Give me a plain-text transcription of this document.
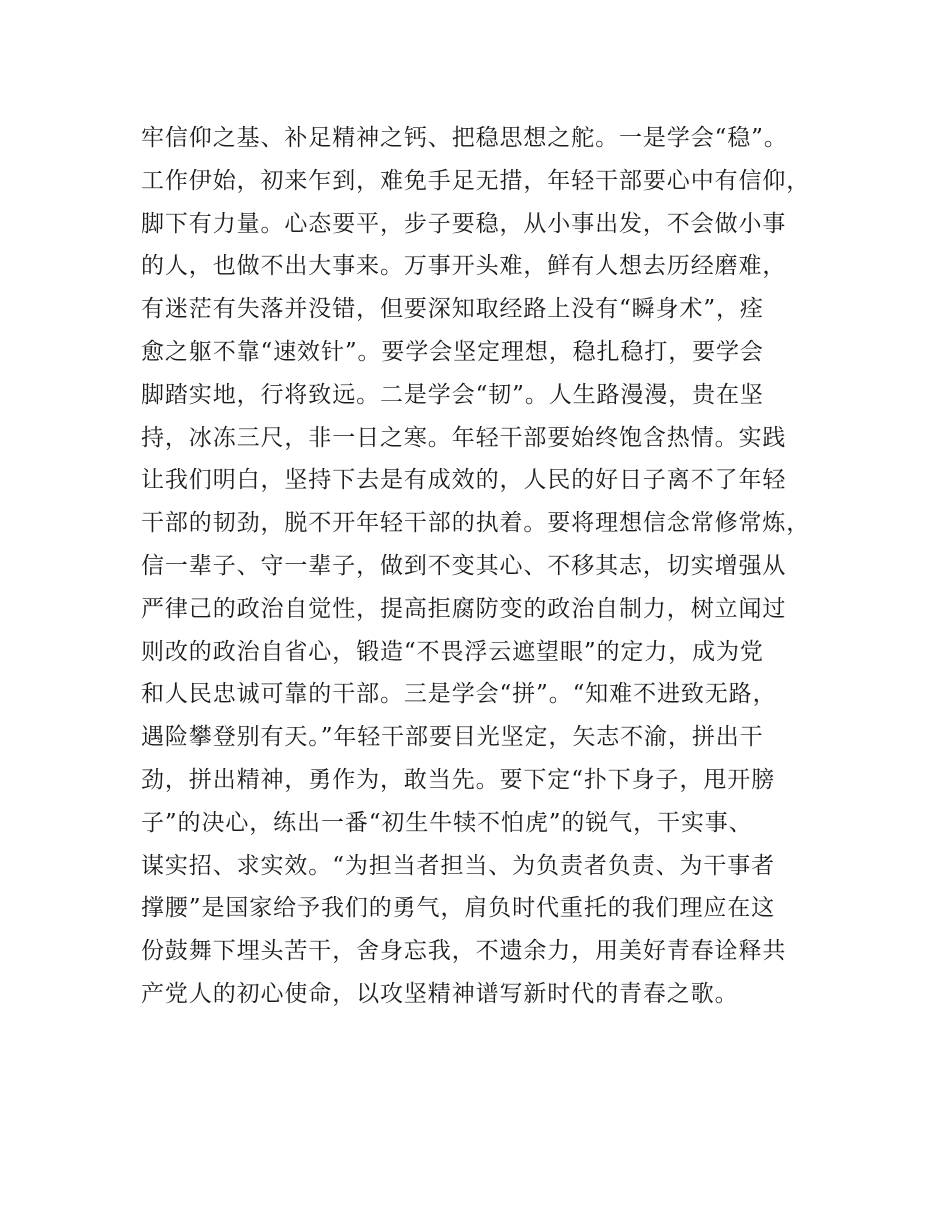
牢信仰之基、补足精神之钙、把稳思想之舵。一是学会“稳”。
工作伊始，初来乍到，难免手足无措，年轻干部要心中有信仰，
脚下有力量。心态要平，步子要稳，从小事出发，不会做小事
的人，也做不出大事来。万事开头难，鲜有人想去历经磨难，
有迷茫有失落并没错，但要深知取经路上没有“瞬身术”，痊
愈之躯不靠“速效针”。要学会坚定理想，稳扎稳打，要学会
脚踏实地，行将致远。二是学会“韧”。人生路漫漫，贵在坚
持，冰冻三尺，非一日之寒。年轻干部要始终饱含热情。实践
让我们明白，坚持下去是有成效的，人民的好日子离不了年轻
干部的韧劲，脱不开年轻干部的执着。要将理想信念常修常炼，
信一辈子、守一辈子，做到不变其心、不移其志，切实增强从
严律己的政治自觉性，提高拒腐防变的政治自制力，树立闻过
则改的政治自省心，锻造“不畏浮云遮望眼”的定力，成为党
和人民忠诚可靠的干部。三是学会“拼”。“知难不进致无路，
遇险攀登别有天。”年轻干部要目光坚定，矢志不渝，拼出干
劲，拼出精神，勇作为，敢当先。要下定“扑下身子，甩开膀
子”的决心，练出一番“初生牛犊不怕虎”的锐气，干实事、
谋实招、求实效。“为担当者担当、为负责者负责、为干事者
撑腰”是国家给予我们的勇气，肩负时代重托的我们理应在这
份鼓舞下埋头苦干，舍身忘我，不遗余力，用美好青春诠释共
产党人的初心使命，以攻坚精神谱写新时代的青春之歌。
